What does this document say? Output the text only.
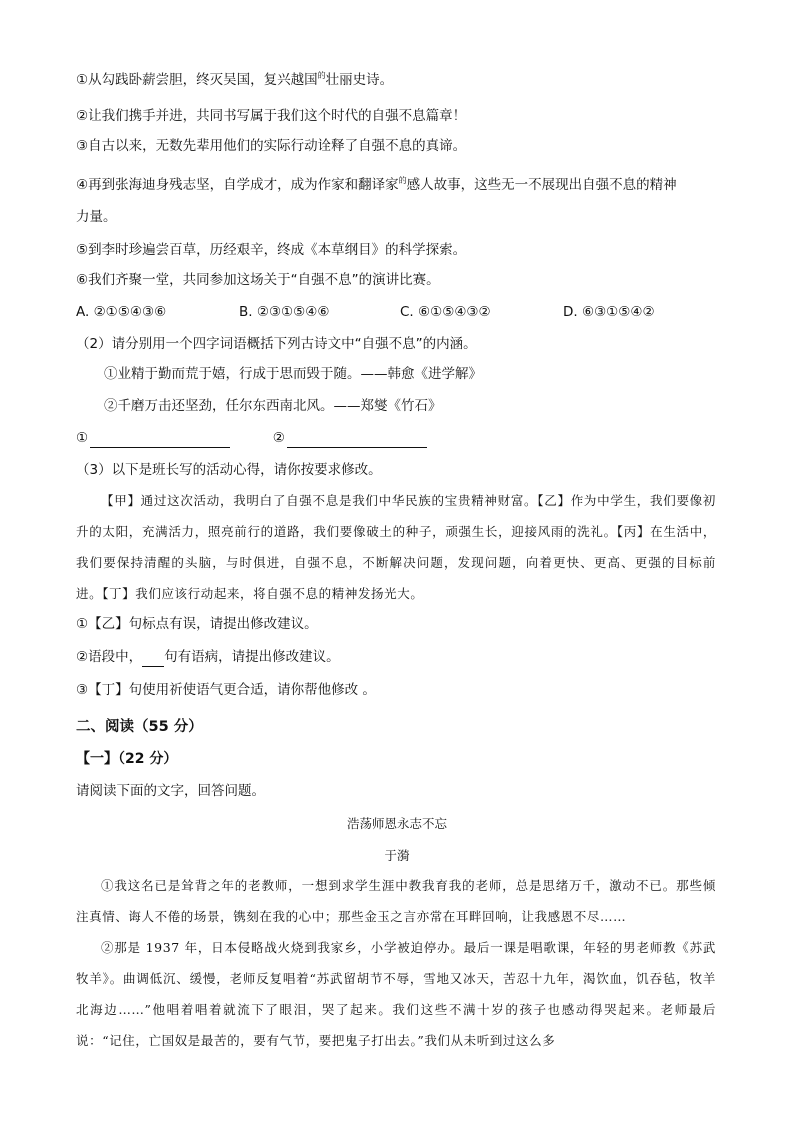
①从勾践卧薪尝胆，终灭吴国，复兴越国$^的$壮丽史诗。
②让我们携手并进，共同书写属于我们这个时代的自强不息篇章！
③自古以来，无数先辈用他们的实际行动诠释了自强不息的真谛。
④再到张海迪身残志坚，自学成才，成为作家和翻译家$^的$感人故事，这些无一不展现出自强不息的精神
力量。
⑤到李时珍遍尝百草，历经艰辛，终成《本草纲目》的科学探索。
⑥我们齐聚一堂，共同参加这场关于“自强不息”的演讲比赛。
A. ②①⑤④③⑥	B. ②③①⑤④⑥	C. ⑥①⑤④③②	D. ⑥③①⑤④②
（2）请分别用一个四字词语概括下列古诗文中“自强不息”的内涵。
①业精于勤而荒于嬉，行成于思而毁于随。——韩愈《进学解》
②千磨万击还坚劲，任尔东西南北风。——郑燮《竹石》
①	②
（3）以下是班长写的活动心得，请你按要求修改。

【甲】通过这次活动，我明白了自强不息是我们中华民族的宝贵精神财富。【乙】作为中学生，我们要像初升的太阳，充满活力，照亮前行的道路，我们要像破土的种子，顽强生长，迎接风雨的洗礼。【丙】在生活中，我们要保持清醒的头脑，与时俱进，自强不息，不断解决问题，发现问题，向着更快、更高、更强的目标前进。【丁】我们应该行动起来，将自强不息的精神发扬光大。

①【乙】句标点有误，请提出修改建议。
②语段中， 句有语病，请提出修改建议。
③【丁】句使用祈使语气更合适，请你帮他修改 。
二、阅读（55 分）
【一】（22 分）
请阅读下面的文字，回答问题。
浩荡师恩永志不忘
于漪

①我这名已是耸背之年的老教师，一想到求学生涯中教我育我的老师，总是思绪万千，激动不已。那些倾注真情、诲人不倦的场景，镌刻在我的心中；那些金玉之言亦常在耳畔回响，让我感恩不尽……

②那是 1937 年，日本侵略战火烧到我家乡，小学被迫停办。最后一课是唱歌课，年轻的男老师教《苏武牧羊》。曲调低沉、缓慢，老师反复唱着“苏武留胡节不辱，雪地又冰天，苦忍十九年，渴饮血，饥吞毡，牧羊北海边……”他唱着唱着就流下了眼泪，哭了起来。我们这些不满十岁的孩子也感动得哭起来。老师最后说：“记住，亡国奴是最苦的，要有气节，要把鬼子打出去。”我们从未听到过这么多
